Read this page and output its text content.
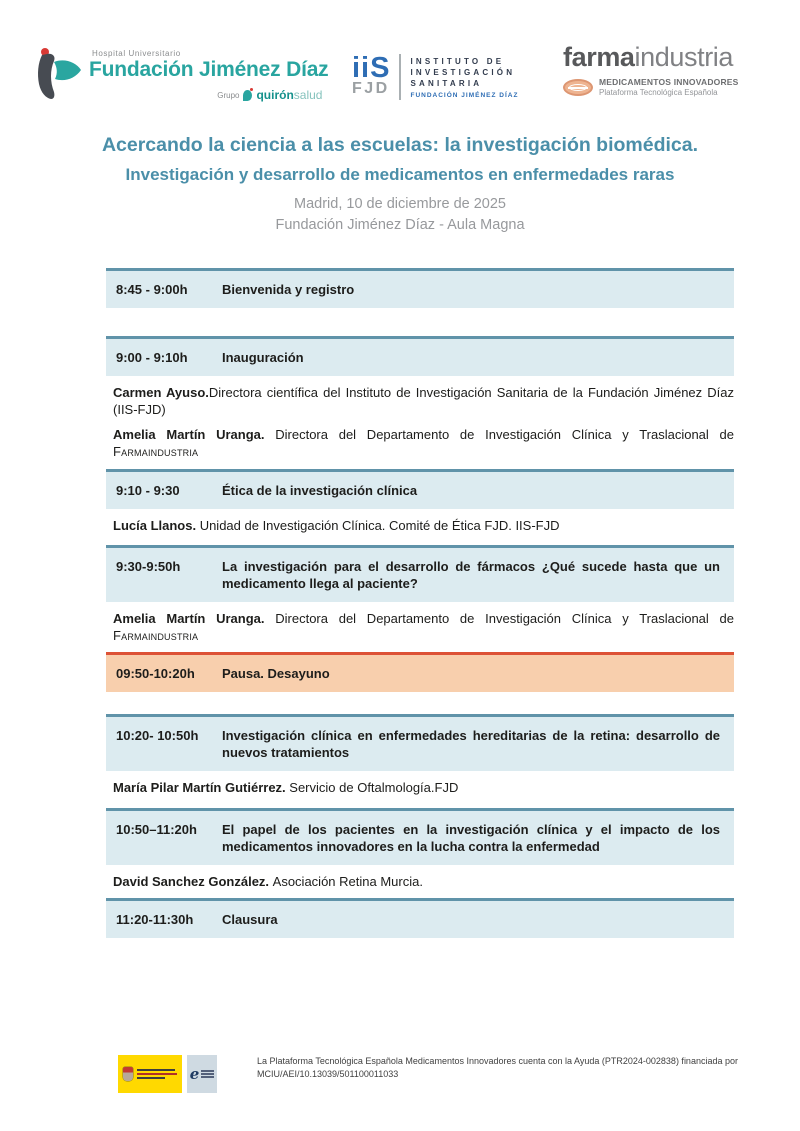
Hospital Universitario
Fundación Jiménez Díaz
Grupo quirónsalud
iiS
FJD
INSTITUTO DE
INVESTIGACIÓN
SANITARIA
FUNDACIÓN JIMÉNEZ DÍAZ
farmaindustria
MEDICAMENTOS INNOVADORES
Plataforma Tecnológica Española
Acercando la ciencia a las escuelas: la investigación biomédica.
Investigación y desarrollo de medicamentos en enfermedades raras
Madrid, 10 de diciembre de 2025
Fundación Jiménez Díaz - Aula Magna
8:45 - 9:00h	Bienvenida y registro
9:00 - 9:10h	Inauguración

Carmen Ayuso.Directora científica del Instituto de Investigación Sanitaria de la Fundación Jiménez Díaz (IIS-FJD)

Amelia Martín Uranga. Directora del Departamento de Investigación Clínica y Traslacional de Farmaindustria

9:10 - 9:30	Ética de la investigación clínica

Lucía Llanos. Unidad de Investigación Clínica. Comité de Ética FJD. IIS-FJD

9:30-9:50h	La investigación para el desarrollo de fármacos ¿Qué sucede hasta que un medicamento llega al paciente?

Amelia Martín Uranga. Directora del Departamento de Investigación Clínica y Traslacional de Farmaindustria

09:50-10:20h	Pausa. Desayuno
10:20- 10:50h	Investigación clínica en enfermedades hereditarias de la retina: desarrollo de nuevos tratamientos

María Pilar Martín Gutiérrez. Servicio de Oftalmología.FJD

10:50–11:20h	El papel de los pacientes en la investigación clínica y el impacto de los medicamentos innovadores en la lucha contra la enfermedad

David Sanchez González. Asociación Retina Murcia.

11:20-11:30h	Clausura
e

La Plataforma Tecnológica Española Medicamentos Innovadores cuenta con la Ayuda (PTR2024-002838) financiada por
MCIU/AEI/10.13039/501100011033
